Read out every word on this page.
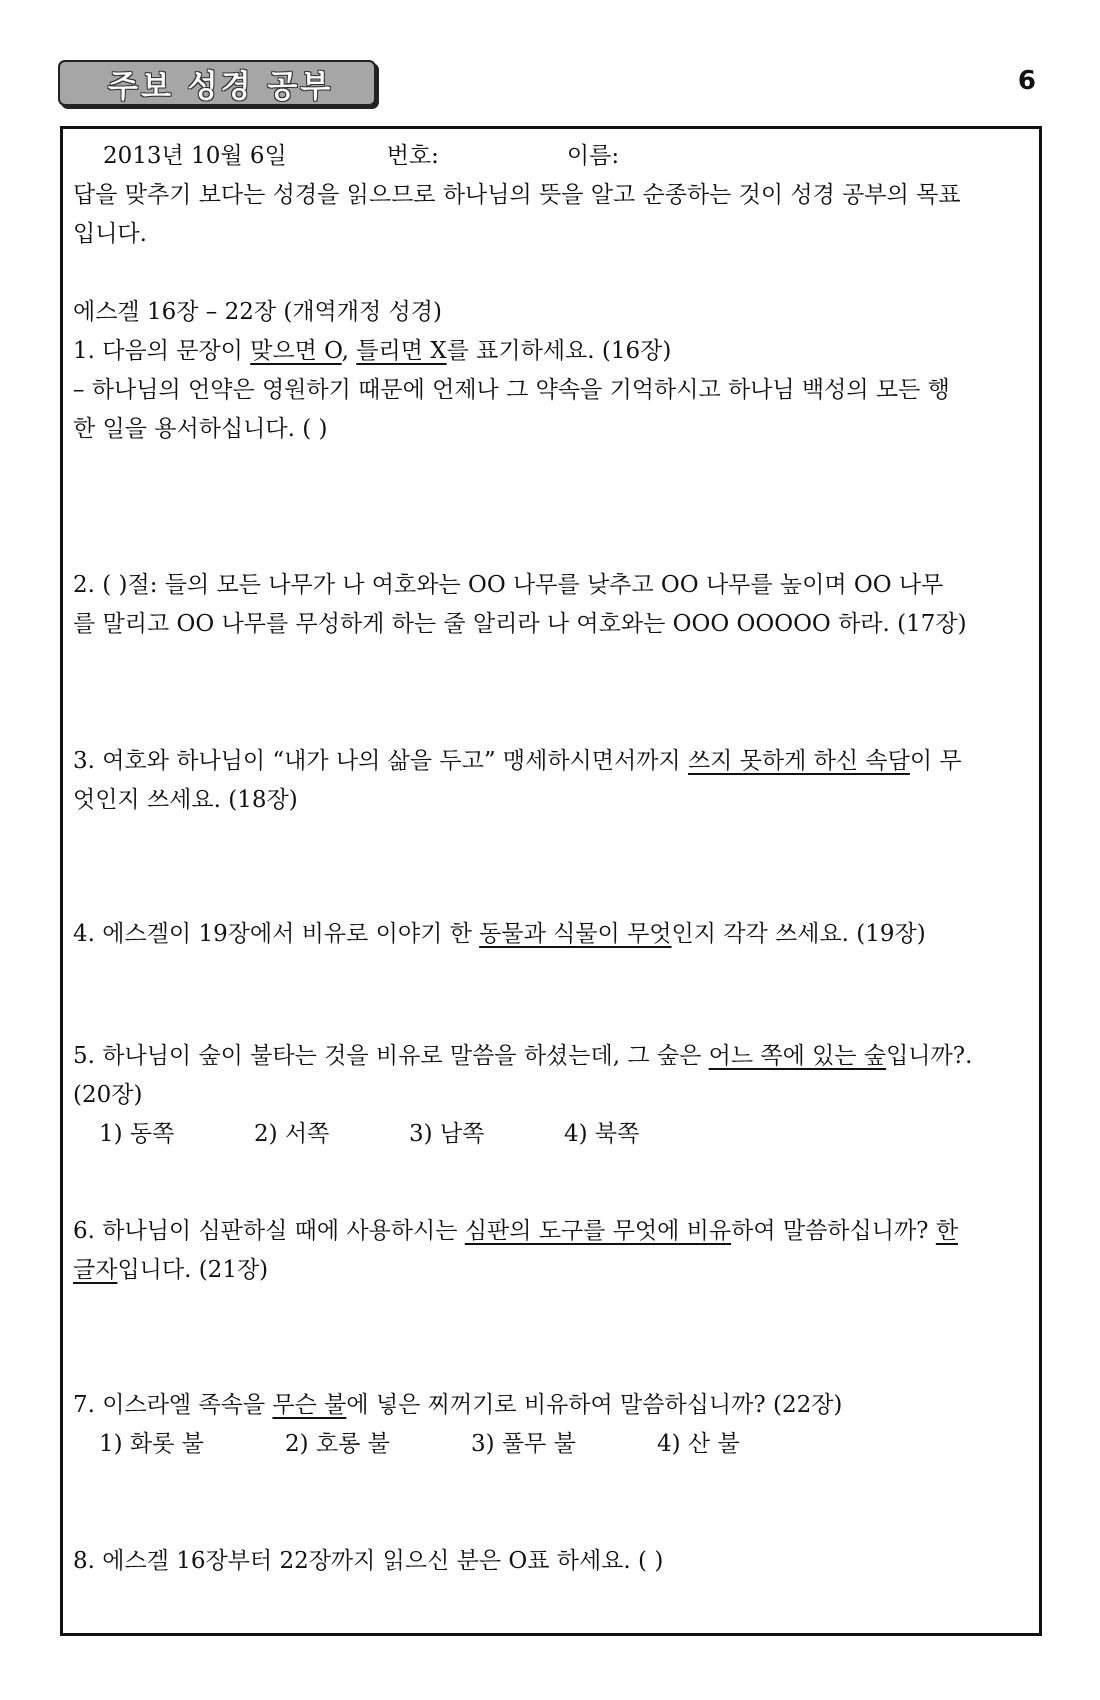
주보 성경 공부	6
2013년 10월 6일	번호:	이름:
답을 맞추기 보다는 성경을 읽으므로 하나님의 뜻을 알고 순종하는 것이 성경 공부의 목표입니다.
에스겔 16장 – 22장 (개역개정 성경)
1. 다음의 문장이 맞으면 O, 틀리면 X를 표기하세요. (16장)
– 하나님의 언약은 영원하기 때문에 언제나 그 약속을 기억하시고 하나님 백성의 모든 행한 일을 용서하십니다. ( )
2. ( )절: 들의 모든 나무가 나 여호와는 OO 나무를 낮추고 OO 나무를 높이며 OO 나무
를 말리고 OO 나무를 무성하게 하는 줄 알리라 나 여호와는 OOO OOOOO 하라. (17장)
3. 여호와 하나님이 “내가 나의 삶을 두고” 맹세하시면서까지 쓰지 못하게 하신 속담이 무엇인지 쓰세요. (18장)
4. 에스겔이 19장에서 비유로 이야기 한 동물과 식물이 무엇인지 각각 쓰세요. (19장)
5. 하나님이 숲이 불타는 것을 비유로 말씀을 하셨는데, 그 숲은 어느 쪽에 있는 숲입니까?. (20장)
1) 동쪽	2) 서쪽	3) 남쪽	4) 북쪽
6. 하나님이 심판하실 때에 사용하시는 심판의 도구를 무엇에 비유하여 말씀하십니까? 한 글자입니다. (21장)
7. 이스라엘 족속을 무슨 불에 넣은 찌꺼기로 비유하여 말씀하십니까? (22장)
1) 화롯 불	2) 호롱 불	3) 풀무 불	4) 산 불
8. 에스겔 16장부터 22장까지 읽으신 분은 O표 하세요. ( )
